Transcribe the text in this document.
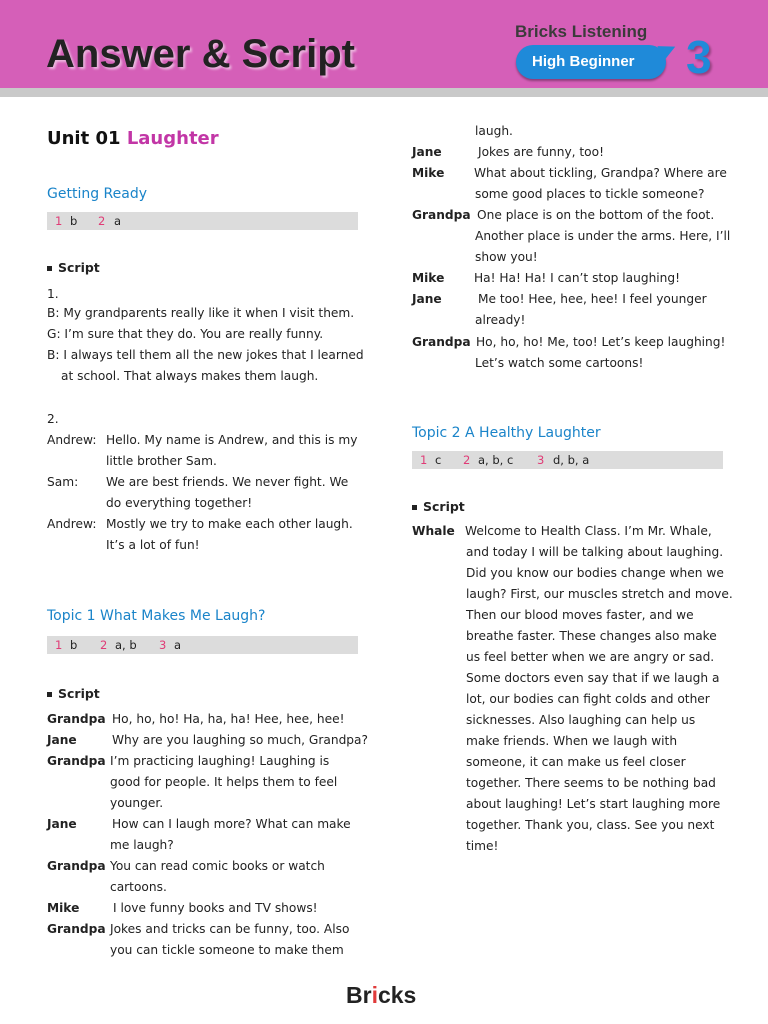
Answer & Script
Bricks Listening
High Beginner 3
Unit 01 Laughter
Getting Ready
1 b 2 a
Script
1.
B: My grandparents really like it when I visit them.
G: I’m sure that they do. You are really funny.
B: I always tell them all the new jokes that I learned
at school. That always makes them laugh.
2.
Andrew: Hello. My name is Andrew, and this is my
little brother Sam.
Sam: We are best friends. We never fight. We
do everything together!
Andrew: Mostly we try to make each other laugh.
It’s a lot of fun!
Topic 1 What Makes Me Laugh?
1 b 2 a, b 3 a
Script
Grandpa Ho, ho, ho! Ha, ha, ha! Hee, hee, hee!
Jane	Why are you laughing so much, Grandpa?
Grandpa I’m practicing laughing! Laughing is
good for people. It helps them to feel
younger.
Jane	How can I laugh more? What can make
me laugh?
Grandpa You can read comic books or watch
cartoons.
Mike	I love funny books and TV shows!
Grandpa Jokes and tricks can be funny, too. Also
you can tickle someone to make them
laugh.
Jane	Jokes are funny, too!
Mike What about tickling, Grandpa? Where are
some good places to tickle someone?
Grandpa One place is on the bottom of the foot.
Another place is under the arms. Here, I’ll
show you!
Mike Ha! Ha! Ha! I can’t stop laughing!
Jane	Me too! Hee, hee, hee! I feel younger
already!
Grandpa Ho, ho, ho! Me, too! Let’s keep laughing!
Let’s watch some cartoons!
Topic 2 A Healthy Laughter
1 c 2 a, b, c 3 d, b, a
Script
Whale Welcome to Health Class. I’m Mr. Whale,
and today I will be talking about laughing.
Did you know our bodies change when we
laugh? First, our muscles stretch and move.
Then our blood moves faster, and we
breathe faster. These changes also make
us feel better when we are angry or sad.
Some doctors even say that if we laugh a
lot, our bodies can fight colds and other
sicknesses. Also laughing can help us
make friends. When we laugh with
someone, it can make us feel closer
together. There seems to be nothing bad
about laughing! Let’s start laughing more
together. Thank you, class. See you next
time!
Bricks
